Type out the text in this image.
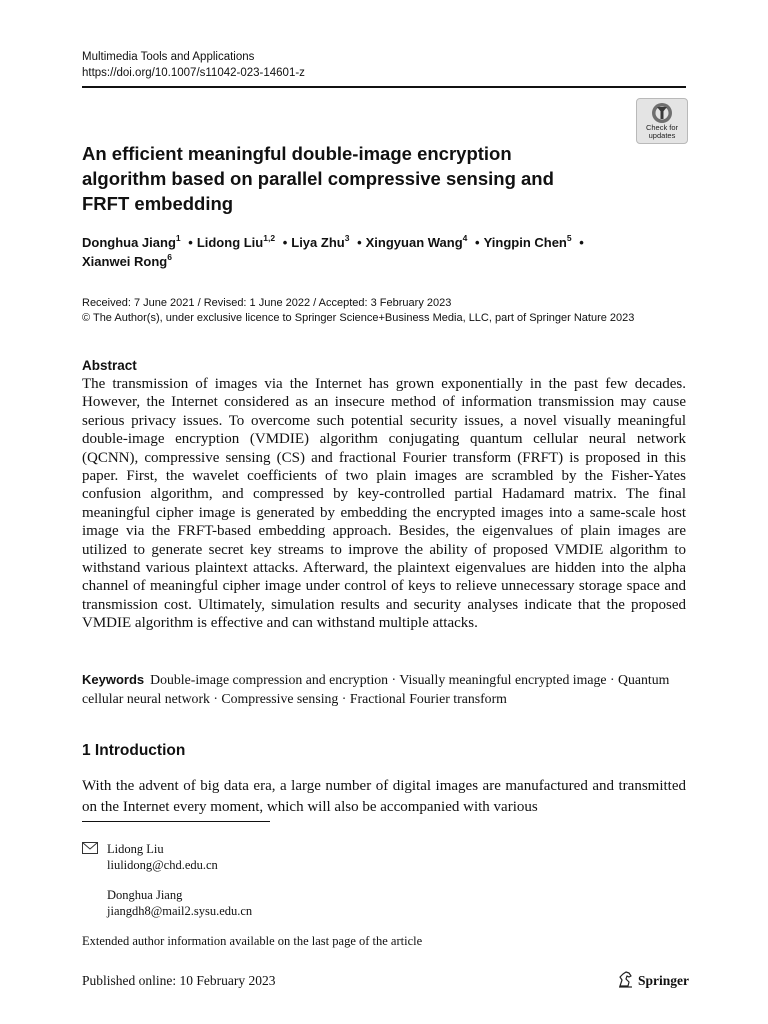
Multimedia Tools and Applications
https://doi.org/10.1007/s11042-023-14601-z
Check for
updates
An efficient meaningful double-image encryption algorithm based on parallel compressive sensing and FRFT embedding
Donghua Jiang$^1$ • Lidong Liu$^{1,2}$ • Liya Zhu$^3$ • Xingyuan Wang$^4$ • Yingpin Chen$^5$ •
Xianwei Rong$^6$
Received: 7 June 2021 / Revised: 1 June 2022 / Accepted: 3 February 2023
© The Author(s), under exclusive licence to Springer Science+Business Media, LLC, part of Springer Nature 2023
Abstract

The transmission of images via the Internet has grown exponentially in the past few decades. However, the Internet considered as an insecure method of information transmission may cause serious privacy issues. To overcome such potential security issues, a novel visually meaningful double-image encryption (VMDIE) algorithm conjugating quantum cellular neural network (QCNN), compressive sensing (CS) and fractional Fourier transform (FRFT) is proposed in this paper. First, the wavelet coefficients of two plain images are scrambled by the Fisher-Yates confusion algorithm, and compressed by key-controlled partial Hadamard matrix. The final meaningful cipher image is generated by embedding the encrypted images into a same-scale host image via the FRFT-based embedding approach. Besides, the eigenvalues of plain images are utilized to generate secret key streams to improve the ability of proposed VMDIE algorithm to withstand various plaintext attacks. Afterward, the plaintext eigenvalues are hidden into the alpha channel of meaningful cipher image under control of keys to relieve unnecessary storage space and transmission cost. Ultimately, simulation results and security analyses indicate that the proposed VMDIE algorithm is effective and can withstand multiple attacks.

Keywords Double-image compression and encryption · Visually meaningful encrypted image · Quantum cellular neural network · Compressive sensing · Fractional Fourier transform
1 Introduction

With the advent of big data era, a large number of digital images are manufactured and transmitted on the Internet every moment, which will also be accompanied with various

Lidong Liu
liulidong@chd.edu.cn
Donghua Jiang
jiangdh8@mail2.sysu.edu.cn
Extended author information available on the last page of the article
Published online: 10 February 2023	Springer
